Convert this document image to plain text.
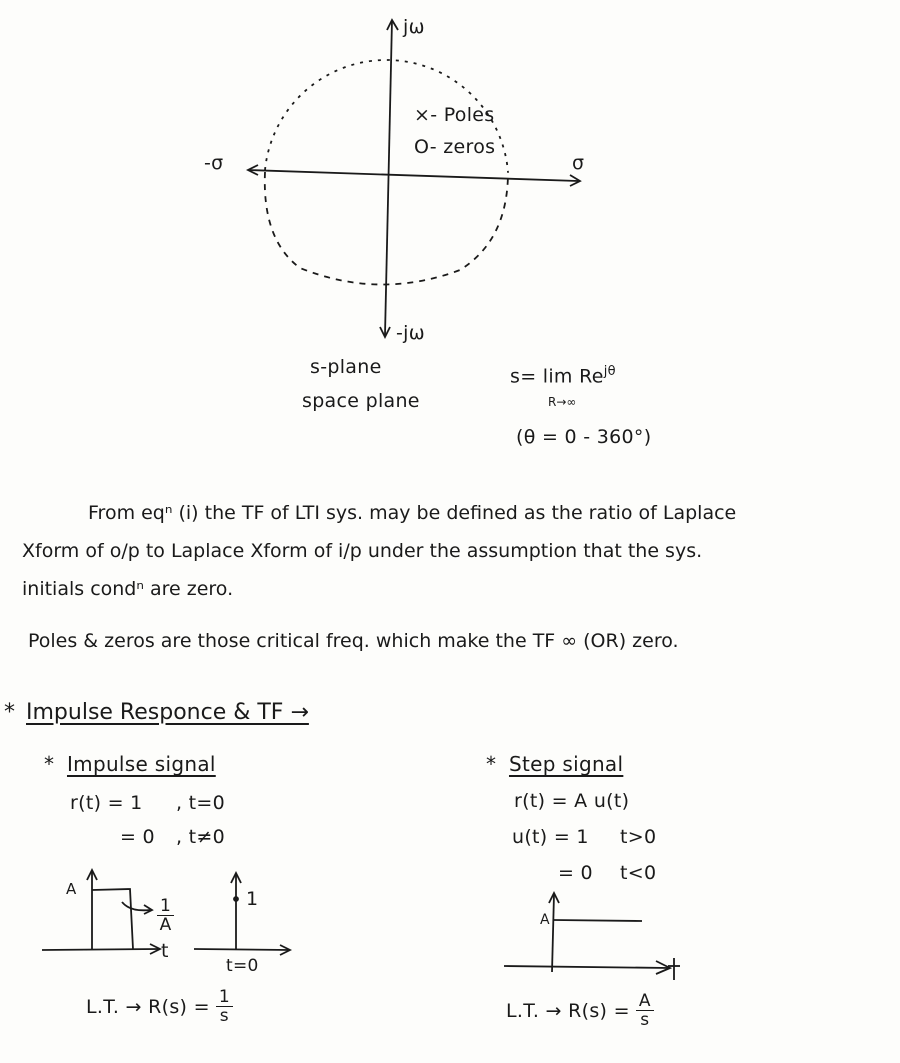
jω
-jω
-σ	σ
×- Poles
O- zeros
s-plane
space plane
$s= \lim Re^{j\theta}$
R→∞
(θ = 0 - 360°)
From eqⁿ (i) the TF of LTI sys. may be defined as the ratio of Laplace
Xform of o/p to Laplace Xform of i/p under the assumption that the sys.
initials condⁿ are zero.
Poles & zeros are those critical freq. which make the TF ∞ (OR) zero.
* Impulse Responce & TF →
* Impulse signal
r(t) = 1 , t=0
= 0 , t≠0
A
$\frac{1}{A}$
t
1
t=0
L.T. → $R(s) = \frac{1}{s}$
* Step signal
r(t) = A u(t)
u(t) = 1 t>0
= 0 t<0
A
L.T. → $R(s) = \frac{A}{s}$
